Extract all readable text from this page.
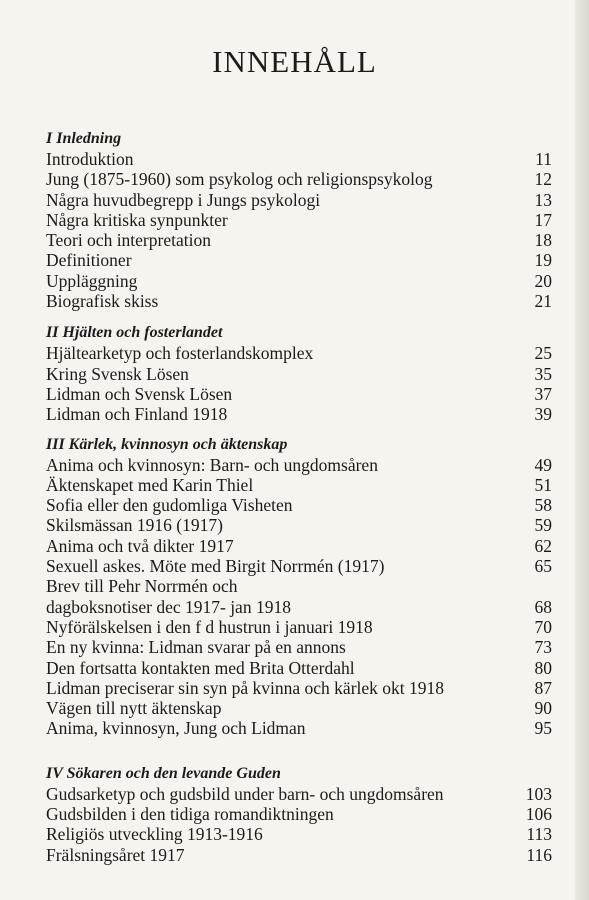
INNEHÅLL
I Inledning
Introduktion	11
Jung (1875-1960) som psykolog och religionspsykolog	12
Några huvudbegrepp i Jungs psykologi	13
Några kritiska synpunkter	17
Teori och interpretation	18
Definitioner	19
Uppläggning	20
Biografisk skiss	21
II Hjälten och fosterlandet
Hjältearketyp och fosterlandskomplex	25
Kring Svensk Lösen	35
Lidman och Svensk Lösen	37
Lidman och Finland 1918	39
III Kärlek, kvinnosyn och äktenskap
Anima och kvinnosyn: Barn- och ungdomsåren	49
Äktenskapet med Karin Thiel	51
Sofia eller den gudomliga Visheten	58
Skilsmässan 1916 (1917)	59
Anima och två dikter 1917	62
Sexuell askes. Möte med Birgit Norrmén (1917)	65
Brev till Pehr Norrmén och
dagboksnotiser dec 1917- jan 1918	68
Nyförälskelsen i den f d hustrun i januari 1918	70
En ny kvinna: Lidman svarar på en annons	73
Den fortsatta kontakten med Brita Otterdahl	80
Lidman preciserar sin syn på kvinna och kärlek okt 1918	87
Vägen till nytt äktenskap	90
Anima, kvinnosyn, Jung och Lidman	95
IV Sökaren och den levande Guden
Gudsarketyp och gudsbild under barn- och ungdomsåren	103
Gudsbilden i den tidiga romandiktningen	106
Religiös utveckling 1913-1916	113
Frälsningsåret 1917	116
